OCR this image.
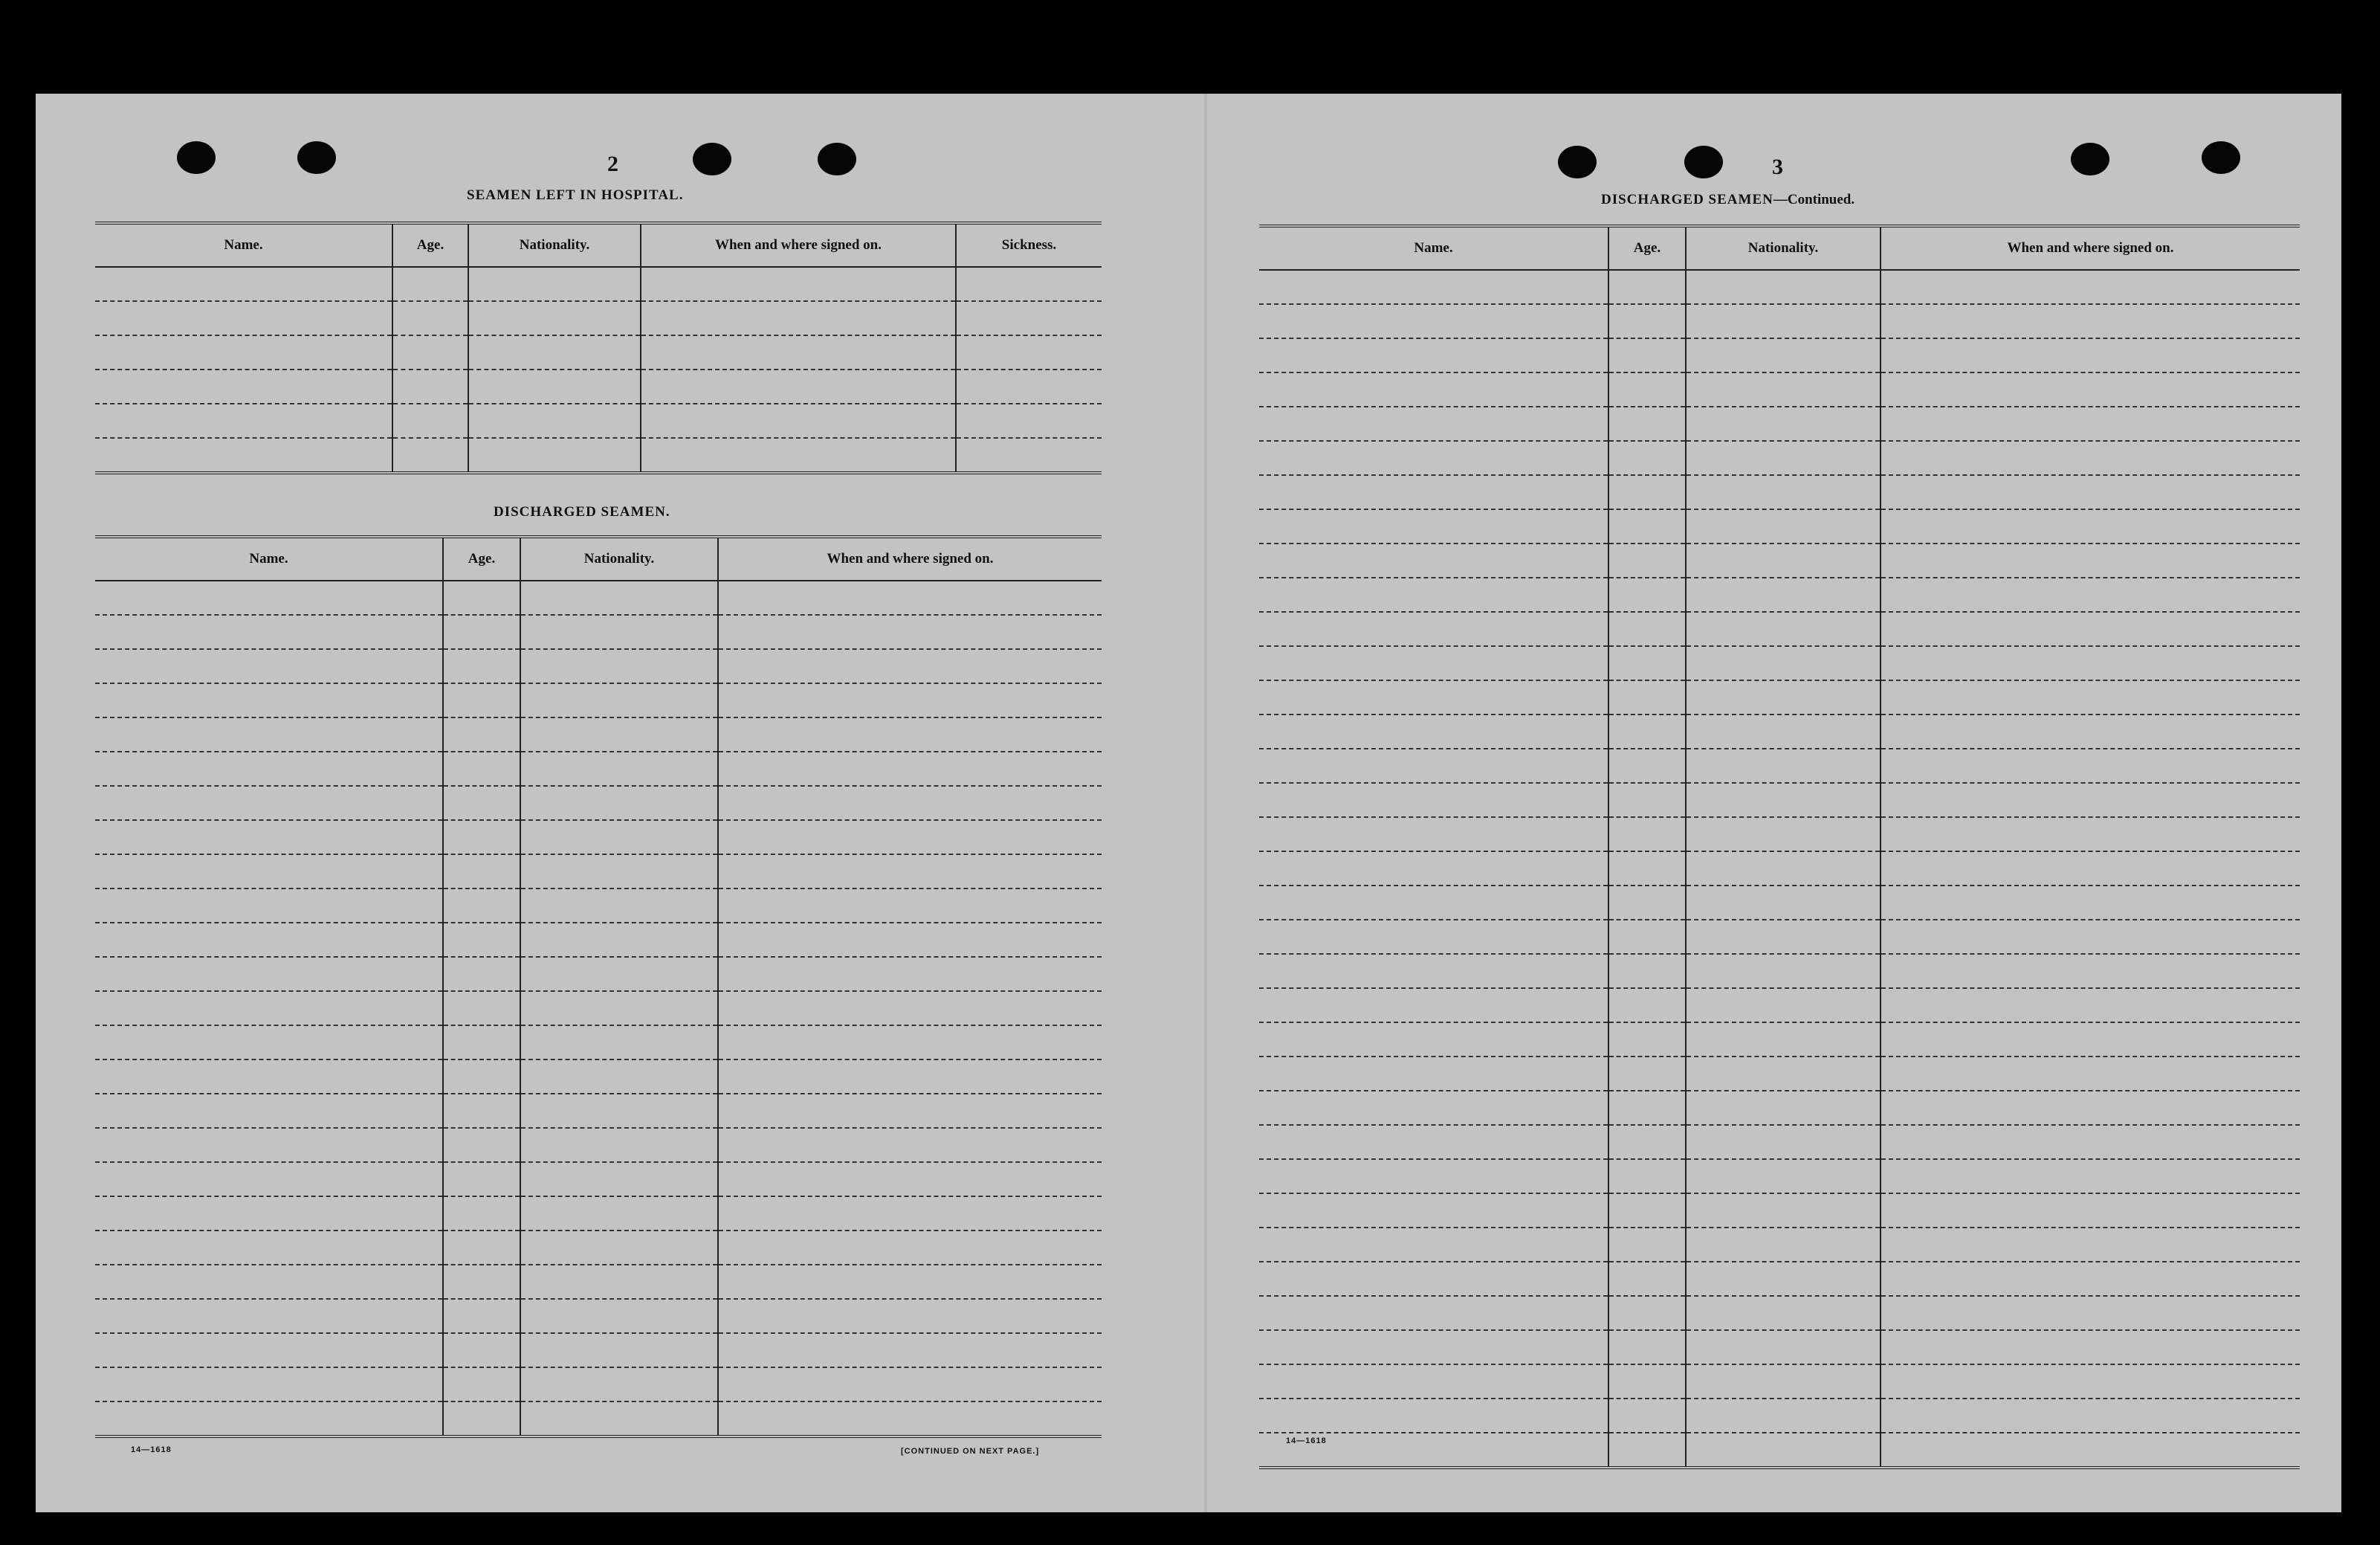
2
SEAMEN LEFT IN HOSPITAL.
Name.	Age.	Nationality.	When and where signed on.	Sickness.

DISCHARGED SEAMEN.
Name.	Age.	Nationality.	When and where signed on.

14—1618	[CONTINUED ON NEXT PAGE.]
3
DISCHARGED SEAMEN—Continued.
Name.	Age.	Nationality.	When and where signed on.

14—1618
